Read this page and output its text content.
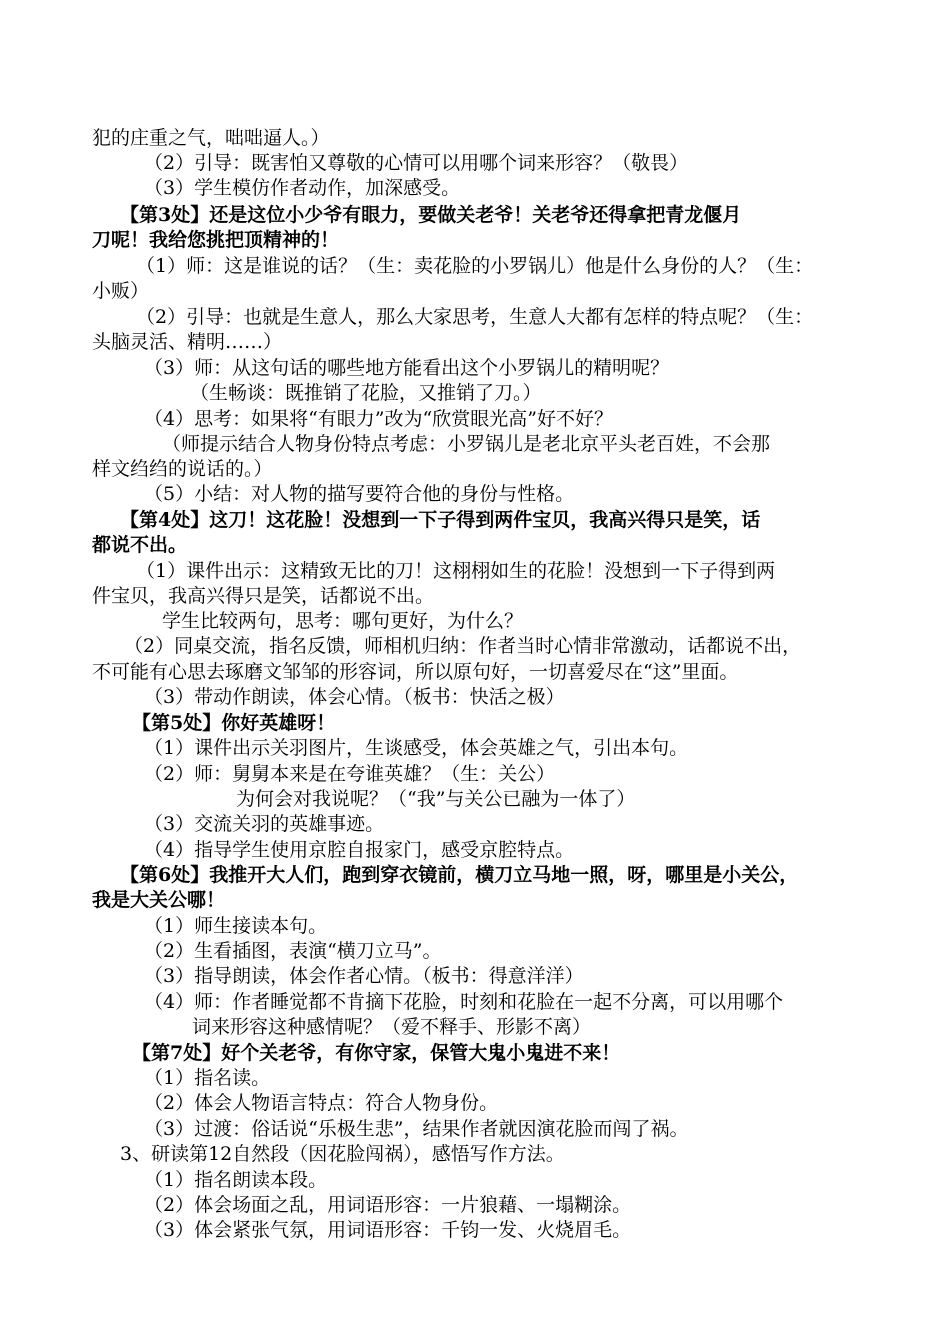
犯的庄重之气，咄咄逼人。）
（2）引导：既害怕又尊敬的心情可以用哪个词来形容？（敬畏）
（3）学生模仿作者动作，加深感受。
【第3处】还是这位小少爷有眼力，要做关老爷！关老爷还得拿把青龙偃月
刀呢！我给您挑把顶精神的！
（1）师：这是谁说的话？（生：卖花脸的小罗锅儿）他是什么身份的人？（生：
小贩）
（2）引导：也就是生意人，那么大家思考，生意人大都有怎样的特点呢？（生：
头脑灵活、精明……）
（3）师：从这句话的哪些地方能看出这个小罗锅儿的精明呢？
（生畅谈：既推销了花脸，又推销了刀。）
（4）思考：如果将“有眼力”改为“欣赏眼光高”好不好？
（师提示结合人物身份特点考虑：小罗锅儿是老北京平头老百姓，不会那
样文绉绉的说话的。）
（5）小结：对人物的描写要符合他的身份与性格。
【第4处】这刀！这花脸！没想到一下子得到两件宝贝，我高兴得只是笑，话
都说不出。
（1）课件出示：这精致无比的刀！这栩栩如生的花脸！没想到一下子得到两
件宝贝，我高兴得只是笑，话都说不出。
学生比较两句，思考：哪句更好，为什么？
（2）同桌交流，指名反馈，师相机归纳：作者当时心情非常激动，话都说不出，
不可能有心思去琢磨文邹邹的形容词，所以原句好，一切喜爱尽在“这”里面。
（3）带动作朗读，体会心情。（板书：快活之极）
【第5处】你好英雄呀！
（1）课件出示关羽图片，生谈感受，体会英雄之气，引出本句。
（2）师：舅舅本来是在夸谁英雄？（生：关公）
为何会对我说呢？（“我”与关公已融为一体了）
（3）交流关羽的英雄事迹。
（4）指导学生使用京腔自报家门，感受京腔特点。
【第6处】我推开大人们，跑到穿衣镜前，横刀立马地一照，呀，哪里是小关公，
我是大关公哪！
（1）师生接读本句。
（2）生看插图，表演“横刀立马”。
（3）指导朗读，体会作者心情。（板书：得意洋洋）
（4）师：作者睡觉都不肯摘下花脸，时刻和花脸在一起不分离，可以用哪个
词来形容这种感情呢？（爱不释手、形影不离）
【第7处】好个关老爷，有你守家，保管大鬼小鬼进不来！
（1）指名读。
（2）体会人物语言特点：符合人物身份。
（3）过渡：俗话说“乐极生悲”，结果作者就因演花脸而闯了祸。
3、研读第12自然段（因花脸闯祸），感悟写作方法。
（1）指名朗读本段。
（2）体会场面之乱，用词语形容：一片狼藉、一塌糊涂。
（3）体会紧张气氛，用词语形容：千钧一发、火烧眉毛。
